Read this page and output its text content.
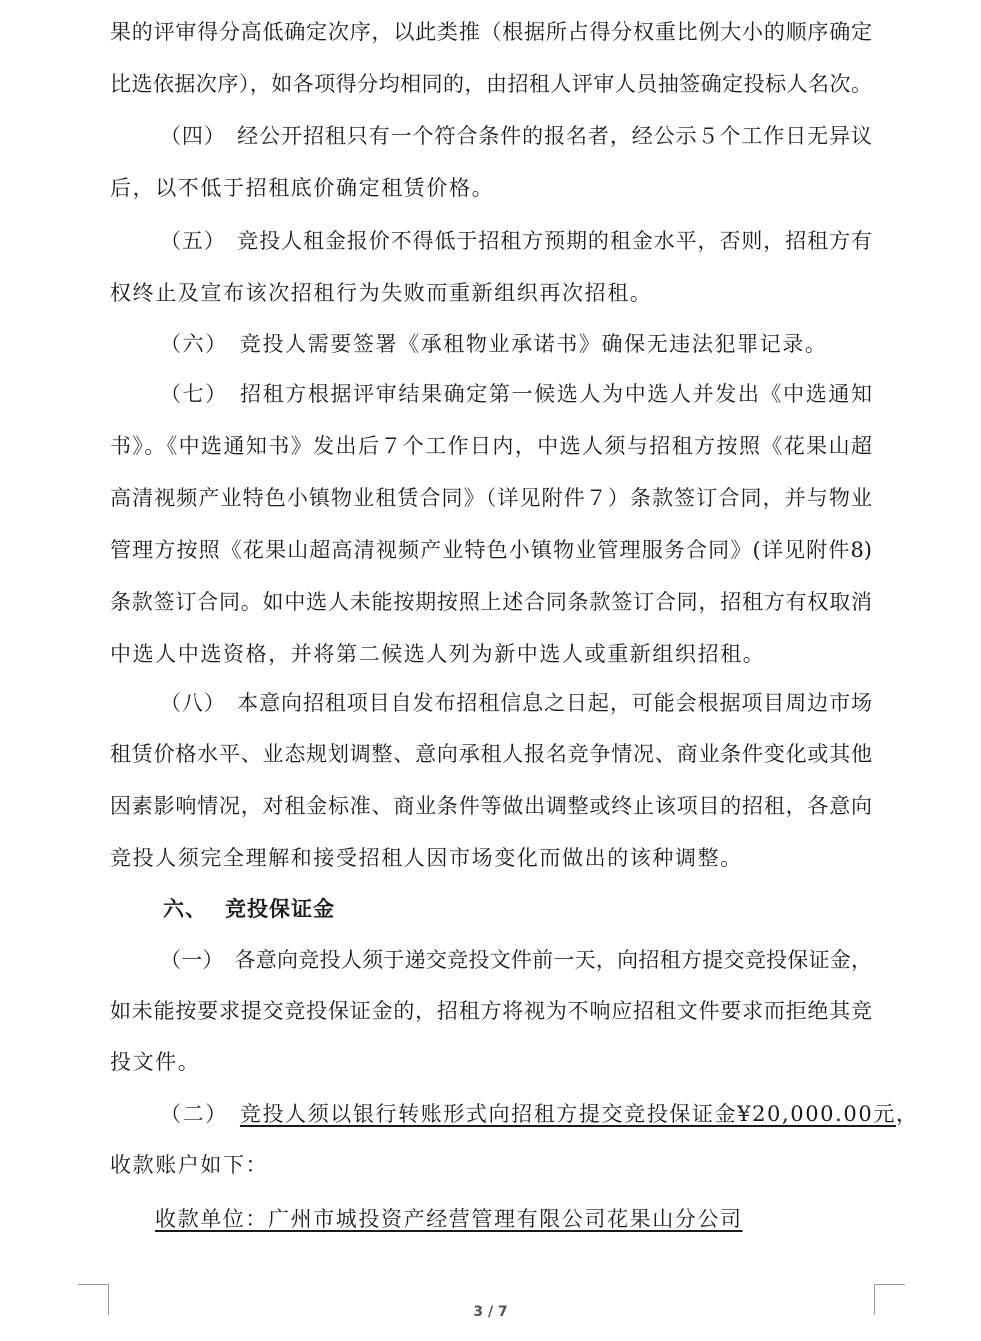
果的评审得分高低确定次序，以此类推（根据所占得分权重比例大小的顺序确定
比选依据次序），如各项得分均相同的，由招租人评审人员抽签确定投标人名次。
（四）　经公开招租只有一个符合条件的报名者，经公示５个工作日无异议
后，以不低于招租底价确定租赁价格。
（五）　竞投人租金报价不得低于招租方预期的租金水平，否则，招租方有
权终止及宣布该次招租行为失败而重新组织再次招租。
（六）　竞投人需要签署《承租物业承诺书》确保无违法犯罪记录。
（七）　招租方根据评审结果确定第一候选人为中选人并发出《中选通知
书》。《中选通知书》发出后７个工作日内，中选人须与招租方按照《花果山超
高清视频产业特色小镇物业租赁合同》（详见附件７）条款签订合同，并与物业
管理方按照《花果山超高清视频产业特色小镇物业管理服务合同》(详见附件8)
条款签订合同。如中选人未能按期按照上述合同条款签订合同，招租方有权取消
中选人中选资格，并将第二候选人列为新中选人或重新组织招租。
（八）　本意向招租项目自发布招租信息之日起，可能会根据项目周边市场
租赁价格水平、业态规划调整、意向承租人报名竞争情况、商业条件变化或其他
因素影响情况，对租金标准、商业条件等做出调整或终止该项目的招租，各意向
竞投人须完全理解和接受招租人因市场变化而做出的该种调整。
六、 竞投保证金
（一）　各意向竞投人须于递交竞投文件前一天，向招租方提交竞投保证金，
如未能按要求提交竞投保证金的，招租方将视为不响应招租文件要求而拒绝其竞
投文件。
（二）　竞投人须以银行转账形式向招租方提交竞投保证金¥20,000.00元，
收款账户如下：
收款单位：广州市城投资产经营管理有限公司花果山分公司
3 / 7
